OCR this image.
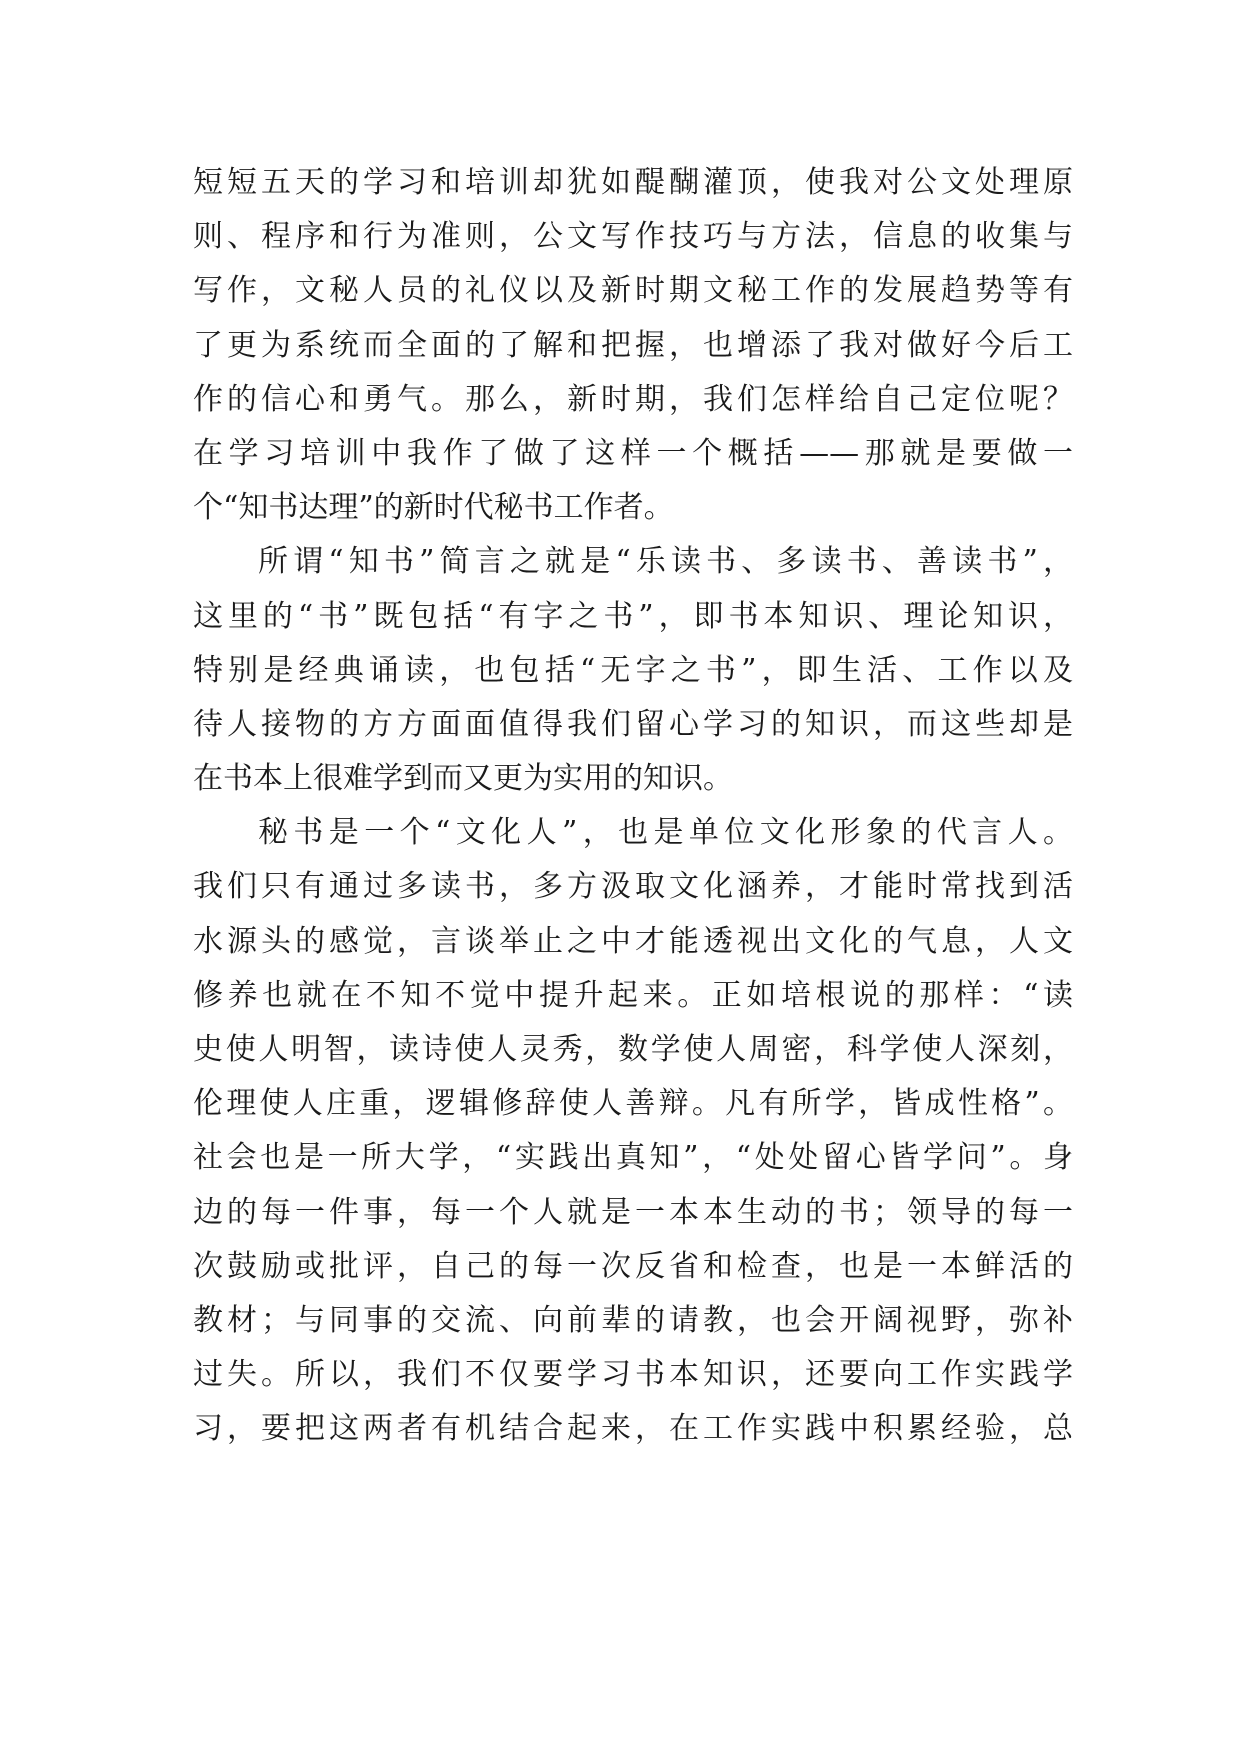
短短五天的学习和培训却犹如醍醐灌顶，使我对公文处理原
则、程序和行为准则，公文写作技巧与方法，信息的收集与
写作，文秘人员的礼仪以及新时期文秘工作的发展趋势等有
了更为系统而全面的了解和把握，也增添了我对做好今后工
作的信心和勇气。那么，新时期，我们怎样给自己定位呢？
在学习培训中我作了做了这样一个概括——那就是要做一
个“知书达理”的新时代秘书工作者。
所谓“知书”简言之就是“乐读书、多读书、善读书”，
这里的“书”既包括“有字之书”，即书本知识、理论知识，
特别是经典诵读，也包括“无字之书”，即生活、工作以及
待人接物的方方面面值得我们留心学习的知识，而这些却是
在书本上很难学到而又更为实用的知识。
秘书是一个“文化人”，也是单位文化形象的代言人。
我们只有通过多读书，多方汲取文化涵养，才能时常找到活
水源头的感觉，言谈举止之中才能透视出文化的气息，人文
修养也就在不知不觉中提升起来。正如培根说的那样：“读
史使人明智，读诗使人灵秀，数学使人周密，科学使人深刻，
伦理使人庄重，逻辑修辞使人善辩。凡有所学，皆成性格”。
社会也是一所大学，“实践出真知”，“处处留心皆学问”。身
边的每一件事，每一个人就是一本本生动的书；领导的每一
次鼓励或批评，自己的每一次反省和检查，也是一本鲜活的
教材；与同事的交流、向前辈的请教，也会开阔视野，弥补
过失。所以，我们不仅要学习书本知识，还要向工作实践学
习，要把这两者有机结合起来，在工作实践中积累经验，总
